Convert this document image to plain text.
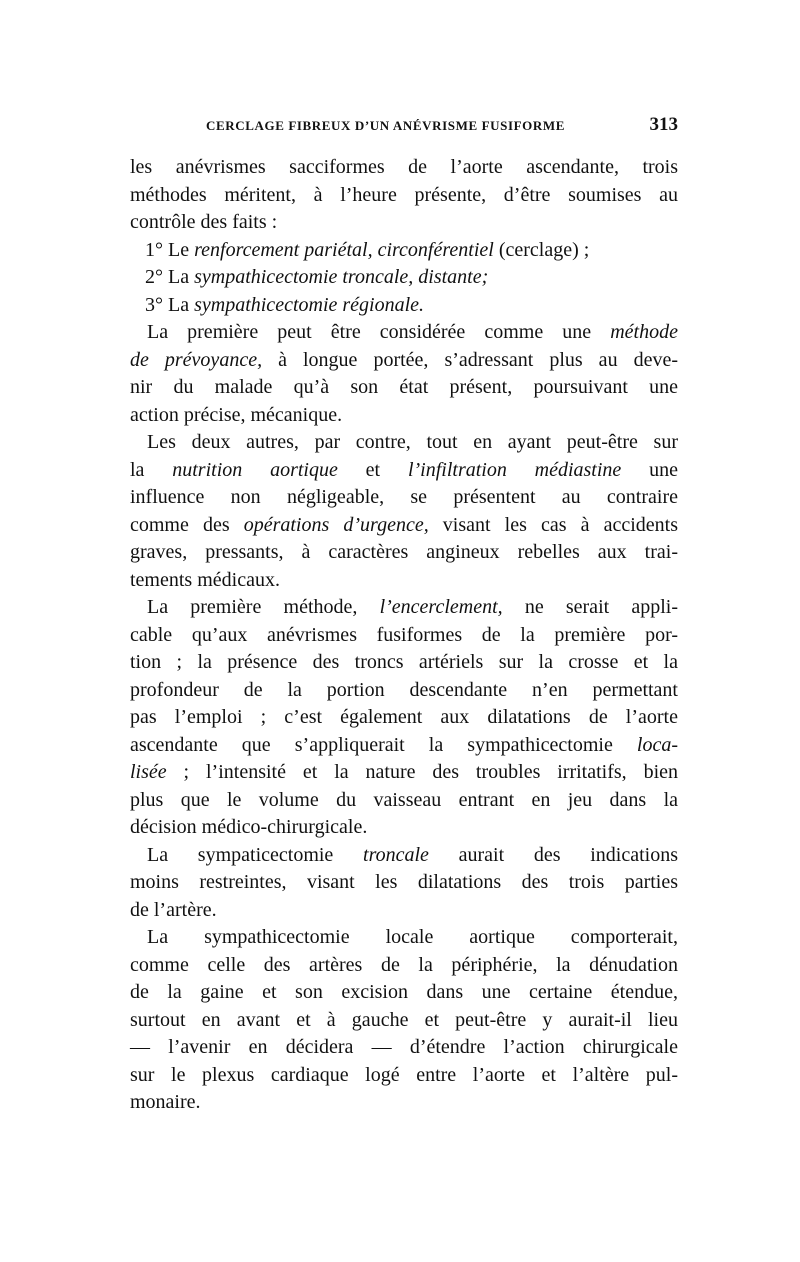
CERCLAGE FIBREUX D’UN ANÉVRISME FUSIFORME	313
les anévrismes sacciformes de l’aorte ascendante, trois
méthodes méritent, à l’heure présente, d’être soumises au
contrôle des faits :
1° Le renforcement pariétal, circonférentiel (cerclage) ;
2° La sympathicectomie troncale, distante;
3° La sympathicectomie régionale.
La première peut être considérée comme une méthode
de prévoyance, à longue portée, s’adressant plus au deve-
nir du malade qu’à son état présent, poursuivant une
action précise, mécanique.
Les deux autres, par contre, tout en ayant peut-être sur
la nutrition aortique et l’infiltration médiastine une
influence non négligeable, se présentent au contraire
comme des opérations d’urgence, visant les cas à accidents
graves, pressants, à caractères angineux rebelles aux trai-
tements médicaux.
La première méthode, l’encerclement, ne serait appli-
cable qu’aux anévrismes fusiformes de la première por-
tion ; la présence des troncs artériels sur la crosse et la
profondeur de la portion descendante n’en permettant
pas l’emploi ; c’est également aux dilatations de l’aorte
ascendante que s’appliquerait la sympathicectomie loca-
lisée ; l’intensité et la nature des troubles irritatifs, bien
plus que le volume du vaisseau entrant en jeu dans la
décision médico-chirurgicale.
La sympaticectomie troncale aurait des indications
moins restreintes, visant les dilatations des trois parties
de l’artère.
La sympathicectomie locale aortique comporterait,
comme celle des artères de la périphérie, la dénudation
de la gaine et son excision dans une certaine étendue,
surtout en avant et à gauche et peut-être y aurait-il lieu
— l’avenir en décidera — d’étendre l’action chirurgicale
sur le plexus cardiaque logé entre l’aorte et l’altère pul-
monaire.
